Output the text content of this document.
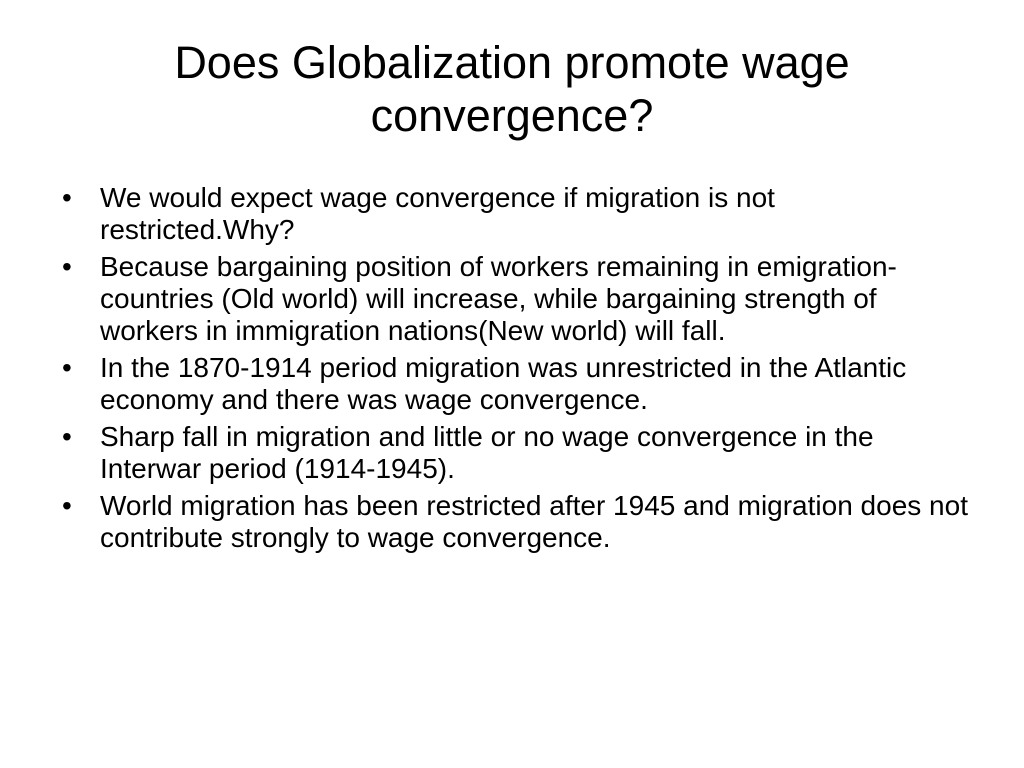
Does Globalization promote wage convergence?
• We would expect wage convergence if migration is not restricted.Why?
• Because bargaining position of workers remaining in emigration-countries (Old world) will increase, while bargaining strength of workers in immigration nations(New world) will fall.
• In the 1870-1914 period migration was unrestricted in the Atlantic economy and there was wage convergence.
• Sharp fall in migration and little or no wage convergence in the Interwar period (1914-1945).
• World migration has been restricted after 1945 and migration does not contribute strongly to wage convergence.
